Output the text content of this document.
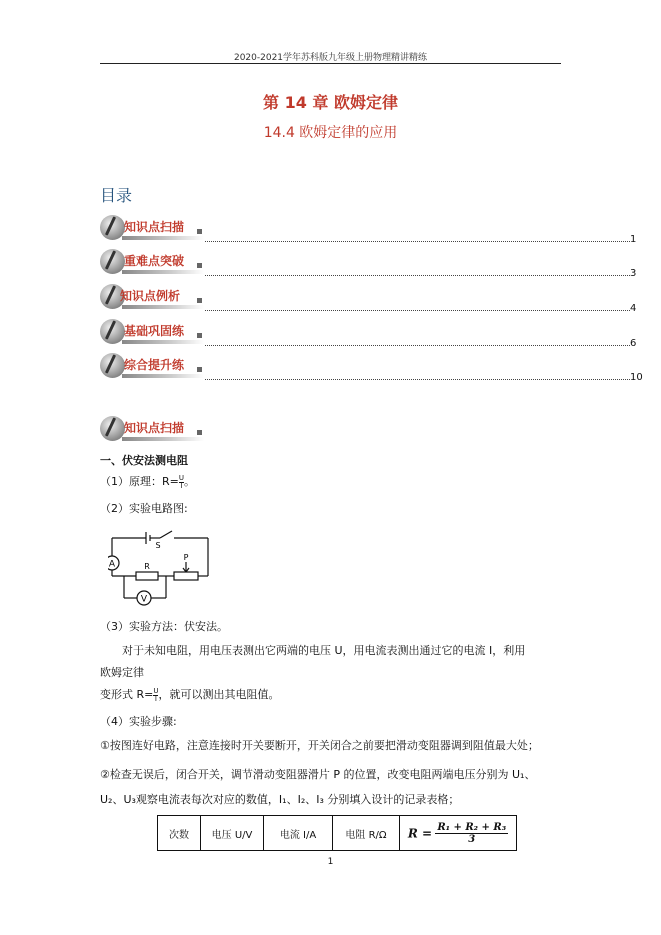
2020-2021学年苏科版九年级上册物理精讲精练
第 14 章 欧姆定律
14.4 欧姆定律的应用
目录
知识点扫描
1
重难点突破
3
知识点例析
4
基础巩固练
6
综合提升练
10
知识点扫描
一、伏安法测电阻
（1）原理：$R= \frac{U}{I}$ 。
（2）实验电路图:
A
V
R
P
S
（3）实验方法：伏安法。
对于未知电阻，用电压表测出它两端的电压 U，用电流表测出通过它的电流 I，利用
欧姆定律
变形式 $R= \frac{U}{I}$ ，就可以测出其电阻值。
（4）实验步骤:
①按图连好电路，注意连接时开关要断开，开关闭合之前要把滑动变阻器调到阻值最大处；
②检查无误后，闭合开关，调节滑动变阻器滑片 P 的位置，改变电阻两端电压分别为 U₁、
U₂、U₃观察电流表每次对应的数值，I₁、I₂、I₃ 分别填入设计的记录表格；
次数	电压 U/V	电流 I/A	电阻 R/Ω	$R = \frac{\text{R₁ + R₂ + R₃}}{3}$
1
